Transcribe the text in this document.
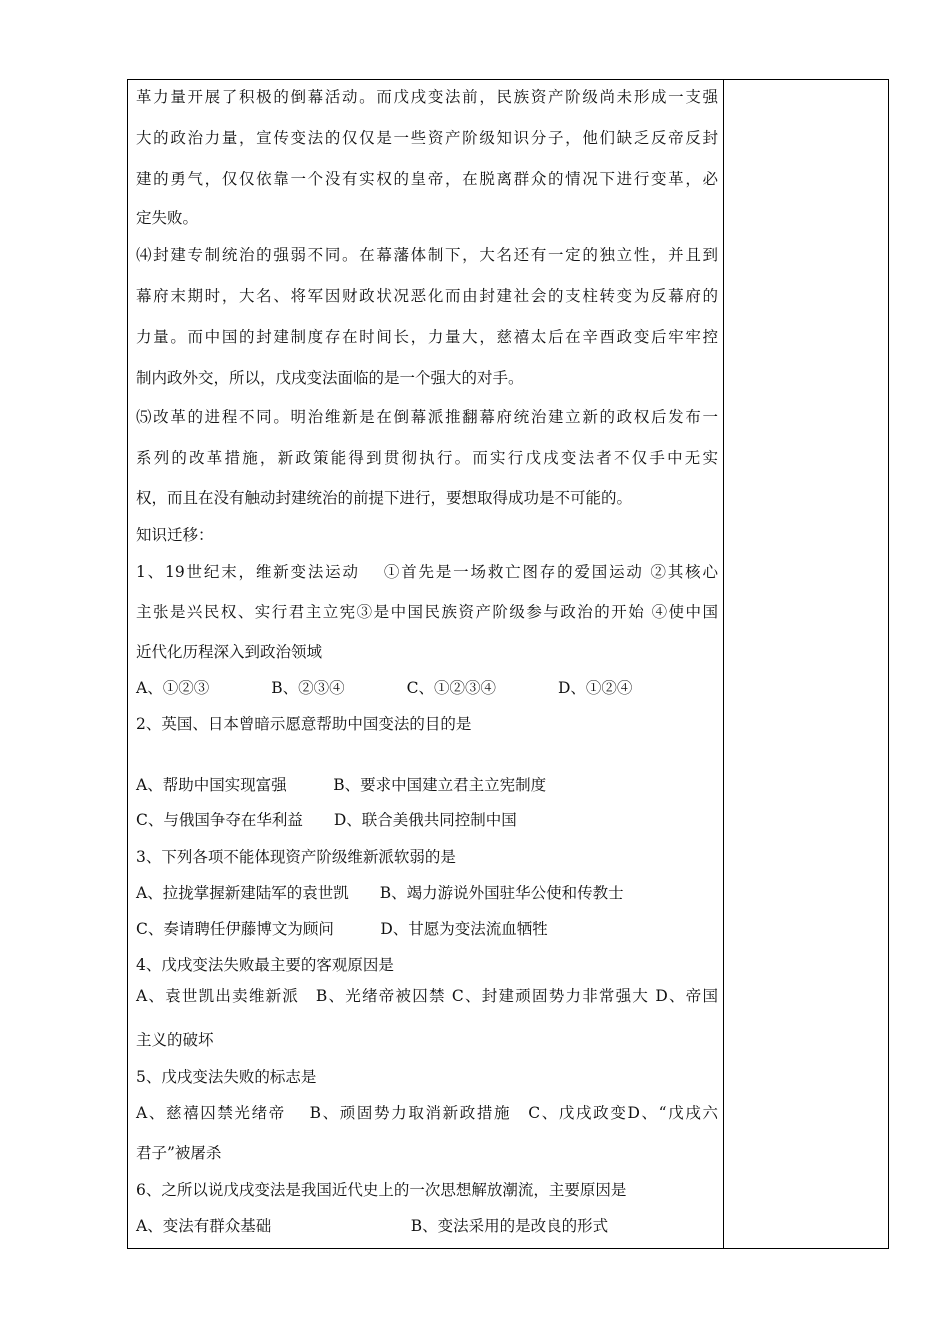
革力量开展了积极的倒幕活动。而戊戌变法前，民族资产阶级尚未形成一支强
大的政治力量，宣传变法的仅仅是一些资产阶级知识分子，他们缺乏反帝反封
建的勇气，仅仅依靠一个没有实权的皇帝，在脱离群众的情况下进行变革，必
定失败。
⑷封建专制统治的强弱不同。在幕藩体制下，大名还有一定的独立性，并且到
幕府末期时，大名、将军因财政状况恶化而由封建社会的支柱转变为反幕府的
力量。而中国的封建制度存在时间长，力量大，慈禧太后在辛酉政变后牢牢控
制内政外交，所以，戊戌变法面临的是一个强大的对手。
⑸改革的进程不同。明治维新是在倒幕派推翻幕府统治建立新的政权后发布一
系列的改革措施，新政策能得到贯彻执行。而实行戊戌变法者不仅手中无实
权，而且在没有触动封建统治的前提下进行，要想取得成功是不可能的。
知识迁移：
1、19世纪末，维新变法运动　 ①首先是一场救亡图存的爱国运动 ②其核心
主张是兴民权、实行君主立宪③是中国民族资产阶级参与政治的开始 ④使中国
近代化历程深入到政治领域
A、①②③　　　　B、②③④　　　　C、①②③④　　　　D、①②④
2、英国、日本曾暗示愿意帮助中国变法的目的是
A、帮助中国实现富强　　　B、要求中国建立君主立宪制度
C、与俄国争夺在华利益　　D、联合美俄共同控制中国
3、下列各项不能体现资产阶级维新派软弱的是
A、拉拢掌握新建陆军的袁世凯　　B、竭力游说外国驻华公使和传教士
C、奏请聘任伊藤博文为顾问　　　D、甘愿为变法流血牺牲
4、戊戌变法失败最主要的客观原因是
A、袁世凯出卖维新派　B、光绪帝被囚禁 C、封建顽固势力非常强大 D、帝国
主义的破坏
5、戊戌变法失败的标志是
A、慈禧囚禁光绪帝　 B、顽固势力取消新政措施　C、戊戌政变D、“戊戌六
君子”被屠杀
6、之所以说戊戌变法是我国近代史上的一次思想解放潮流，主要原因是
A、变法有群众基础　　　　　　　　　B、变法采用的是改良的形式
